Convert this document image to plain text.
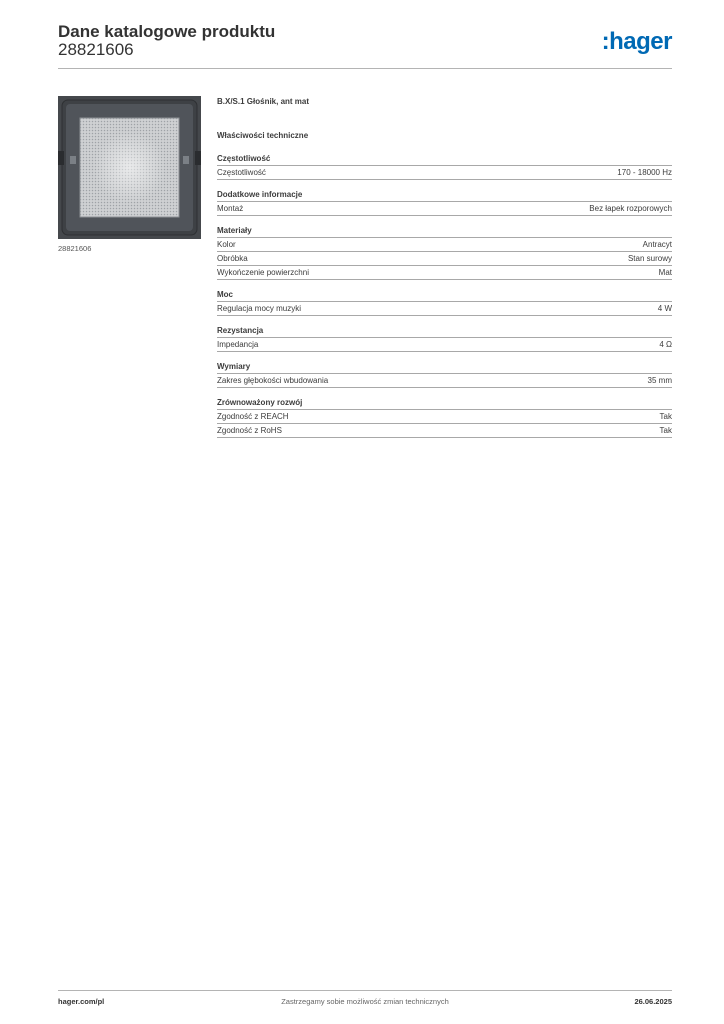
Dane katalogowe produktu
28821606	:hager
28821606
B.X/S.1 Głośnik, ant mat
Właściwości techniczne
Częstotliwość
Częstotliwość	170 - 18000 Hz
Dodatkowe informacje
Montaż	Bez łapek rozporowych
Materiały
Kolor	Antracyt
Obróbka	Stan surowy
Wykończenie powierzchni	Mat
Moc
Regulacja mocy muzyki	4 W
Rezystancja
Impedancja	4 Ω
Wymiary
Zakres głębokości wbudowania	35 mm
Zrównoważony rozwój
Zgodność z REACH	Tak
Zgodność z RoHS	Tak
Zastrzegamy sobie możliwość zmian technicznych
hager.com/pl	26.06.2025
